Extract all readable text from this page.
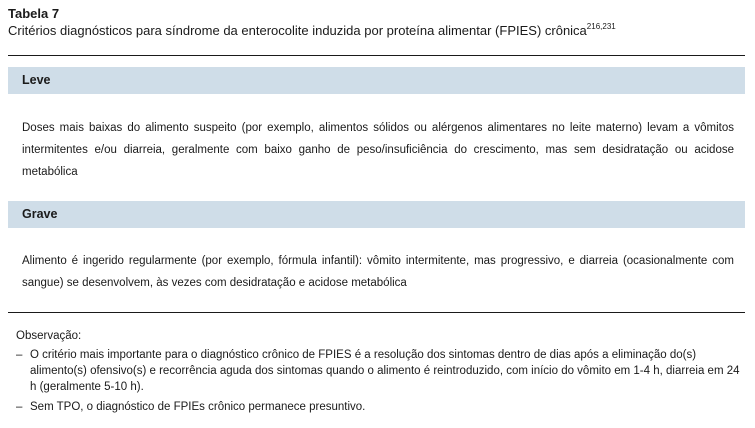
Tabela 7
Critérios diagnósticos para síndrome da enterocolite induzida por proteína alimentar (FPIES) crônica$^{216,231}$
Leve
Doses mais baixas do alimento suspeito (por exemplo, alimentos sólidos ou alérgenos alimentares no leite materno) levam a vômitos intermitentes e/ou diarreia, geralmente com baixo ganho de peso/insuficiência do crescimento, mas sem desidratação ou acidose metabólica
Grave
Alimento é ingerido regularmente (por exemplo, fórmula infantil): vômito intermitente, mas progressivo, e diarreia (ocasionalmente com sangue) se desenvolvem, às vezes com desidratação e acidose metabólica
Observação:
– O critério mais importante para o diagnóstico crônico de FPIES é a resolução dos sintomas dentro de dias após a eliminação do(s) alimento(s) ofensivo(s) e recorrência aguda dos sintomas quando o alimento é reintroduzido, com início do vômito em 1-4 h, diarreia em 24 h (geralmente 5-10 h).
– Sem TPO, o diagnóstico de FPIEs crônico permanece presuntivo.
